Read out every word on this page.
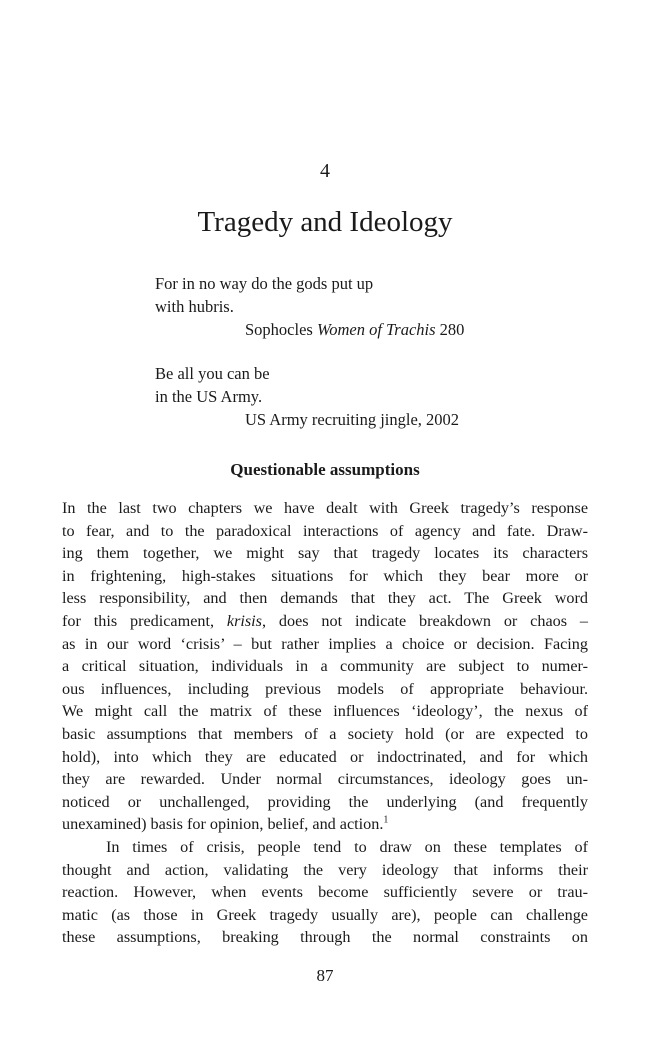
4
Tragedy and Ideology
For in no way do the gods put up
with hubris.
Sophocles Women of Trachis 280
Be all you can be
in the US Army.
US Army recruiting jingle, 2002
Questionable assumptions
In the last two chapters we have dealt with Greek tragedy’s response
to fear, and to the paradoxical interactions of agency and fate. Draw-
ing them together, we might say that tragedy locates its characters
in frightening, high-stakes situations for which they bear more or
less responsibility, and then demands that they act. The Greek word
for this predicament, krisis, does not indicate breakdown or chaos –
as in our word ‘crisis’ – but rather implies a choice or decision. Facing
a critical situation, individuals in a community are subject to numer-
ous influences, including previous models of appropriate behaviour.
We might call the matrix of these influences ‘ideology’, the nexus of
basic assumptions that members of a society hold (or are expected to
hold), into which they are educated or indoctrinated, and for which
they are rewarded. Under normal circumstances, ideology goes un-
noticed or unchallenged, providing the underlying (and frequently
unexamined) basis for opinion, belief, and action.$^1$
In times of crisis, people tend to draw on these templates of
thought and action, validating the very ideology that informs their
reaction. However, when events become sufficiently severe or trau-
matic (as those in Greek tragedy usually are), people can challenge
these assumptions, breaking through the normal constraints on
87
